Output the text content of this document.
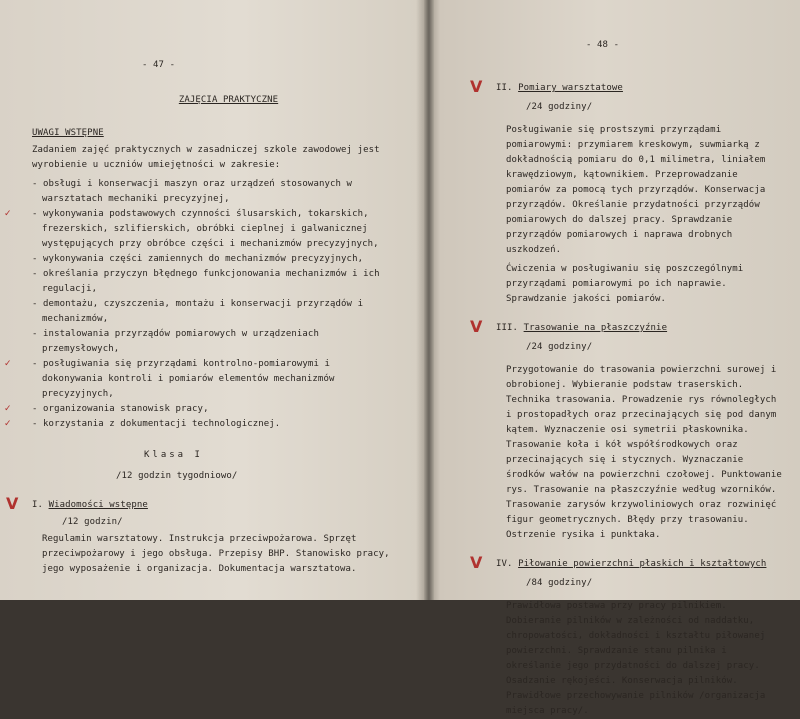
- 47 -
ZAJĘCIA PRAKTYCZNE

UWAGI WSTĘPNE

Zadaniem zajęć praktycznych w zasadniczej szkole zawodowej jest wyrobienie u uczniów umiejętności w zakresie:

- obsługi i konserwacji maszyn oraz urządzeń stosowanych w warsztatach mechaniki precyzyjnej,

✓ - wykonywania podstawowych czynności ślusarskich, tokarskich, frezerskich, szlifierskich, obróbki cieplnej i galwanicznej występujących przy obróbce części i mechanizmów precyzyjnych,

- wykonywania części zamiennych do mechanizmów precyzyjnych,

- określania przyczyn błędnego funkcjonowania mechanizmów i ich regulacji,

- demontażu, czyszczenia, montażu i konserwacji przyrządów i mechanizmów,

- instalowania przyrządów pomiarowych w urządzeniach przemysłowych,

✓ - posługiwania się przyrządami kontrolno-pomiarowymi i dokonywania kontroli i pomiarów elementów mechanizmów precyzyjnych,

✓ - organizowania stanowisk pracy,

✓ - korzystania z dokumentacji technologicznej.

Klasa I
/12 godzin tygodniowo/
V I. Wiadomości wstępne
/12 godzin/

Regulamin warsztatowy. Instrukcja przeciwpożarowa. Sprzęt przeciwpożarowy i jego obsługa. Przepisy BHP. Stanowisko pracy, jego wyposażenie i organizacja. Dokumentacja warsztatowa.

- 48 -
V II. Pomiary warsztatowe
/24 godziny/

Posługiwanie się prostszymi przyrządami pomiarowymi: przymiarem kreskowym, suwmiarką z dokładnością pomiaru do 0,1 milimetra, liniałem krawędziowym, kątownikiem. Przeprowadzanie pomiarów za pomocą tych przyrządów. Konserwacja przyrządów. Określanie przydatności przyrządów pomiarowych do dalszej pracy. Sprawdzanie przyrządów pomiarowych i naprawa drobnych uszkodzeń.

Ćwiczenia w posługiwaniu się poszczególnymi przyrządami pomiarowymi po ich naprawie. Sprawdzanie jakości pomiarów.

V III. Trasowanie na płaszczyźnie
/24 godziny/

Przygotowanie do trasowania powierzchni surowej i obrobionej. Wybieranie podstaw traserskich. Technika trasowania. Prowadzenie rys równoległych i prostopadłych oraz przecinających się pod danym kątem. Wyznaczenie osi symetrii płaskownika. Trasowanie koła i kół współśrodkowych oraz przecinających się i stycznych. Wyznaczanie środków wałów na powierzchni czołowej. Punktowanie rys. Trasowanie na płaszczyźnie według wzorników. Trasowanie zarysów krzywoliniowych oraz rozwinięć figur geometrycznych. Błędy przy trasowaniu. Ostrzenie rysika i punktaka.

V IV. Piłowanie powierzchni płaskich i kształtowych
/84 godziny/

Prawidłowa postawa przy pracy pilnikiem. Dobieranie pilników w zależności od naddatku, chropowatości, dokładności i kształtu piłowanej powierzchni. Sprawdzanie stanu pilnika i określanie jego przydatności do dalszej pracy. Osadzanie rękojeści. Konserwacja pilników. Prawidłowe przechowywanie pilników /organizacja miejsca pracy/.
